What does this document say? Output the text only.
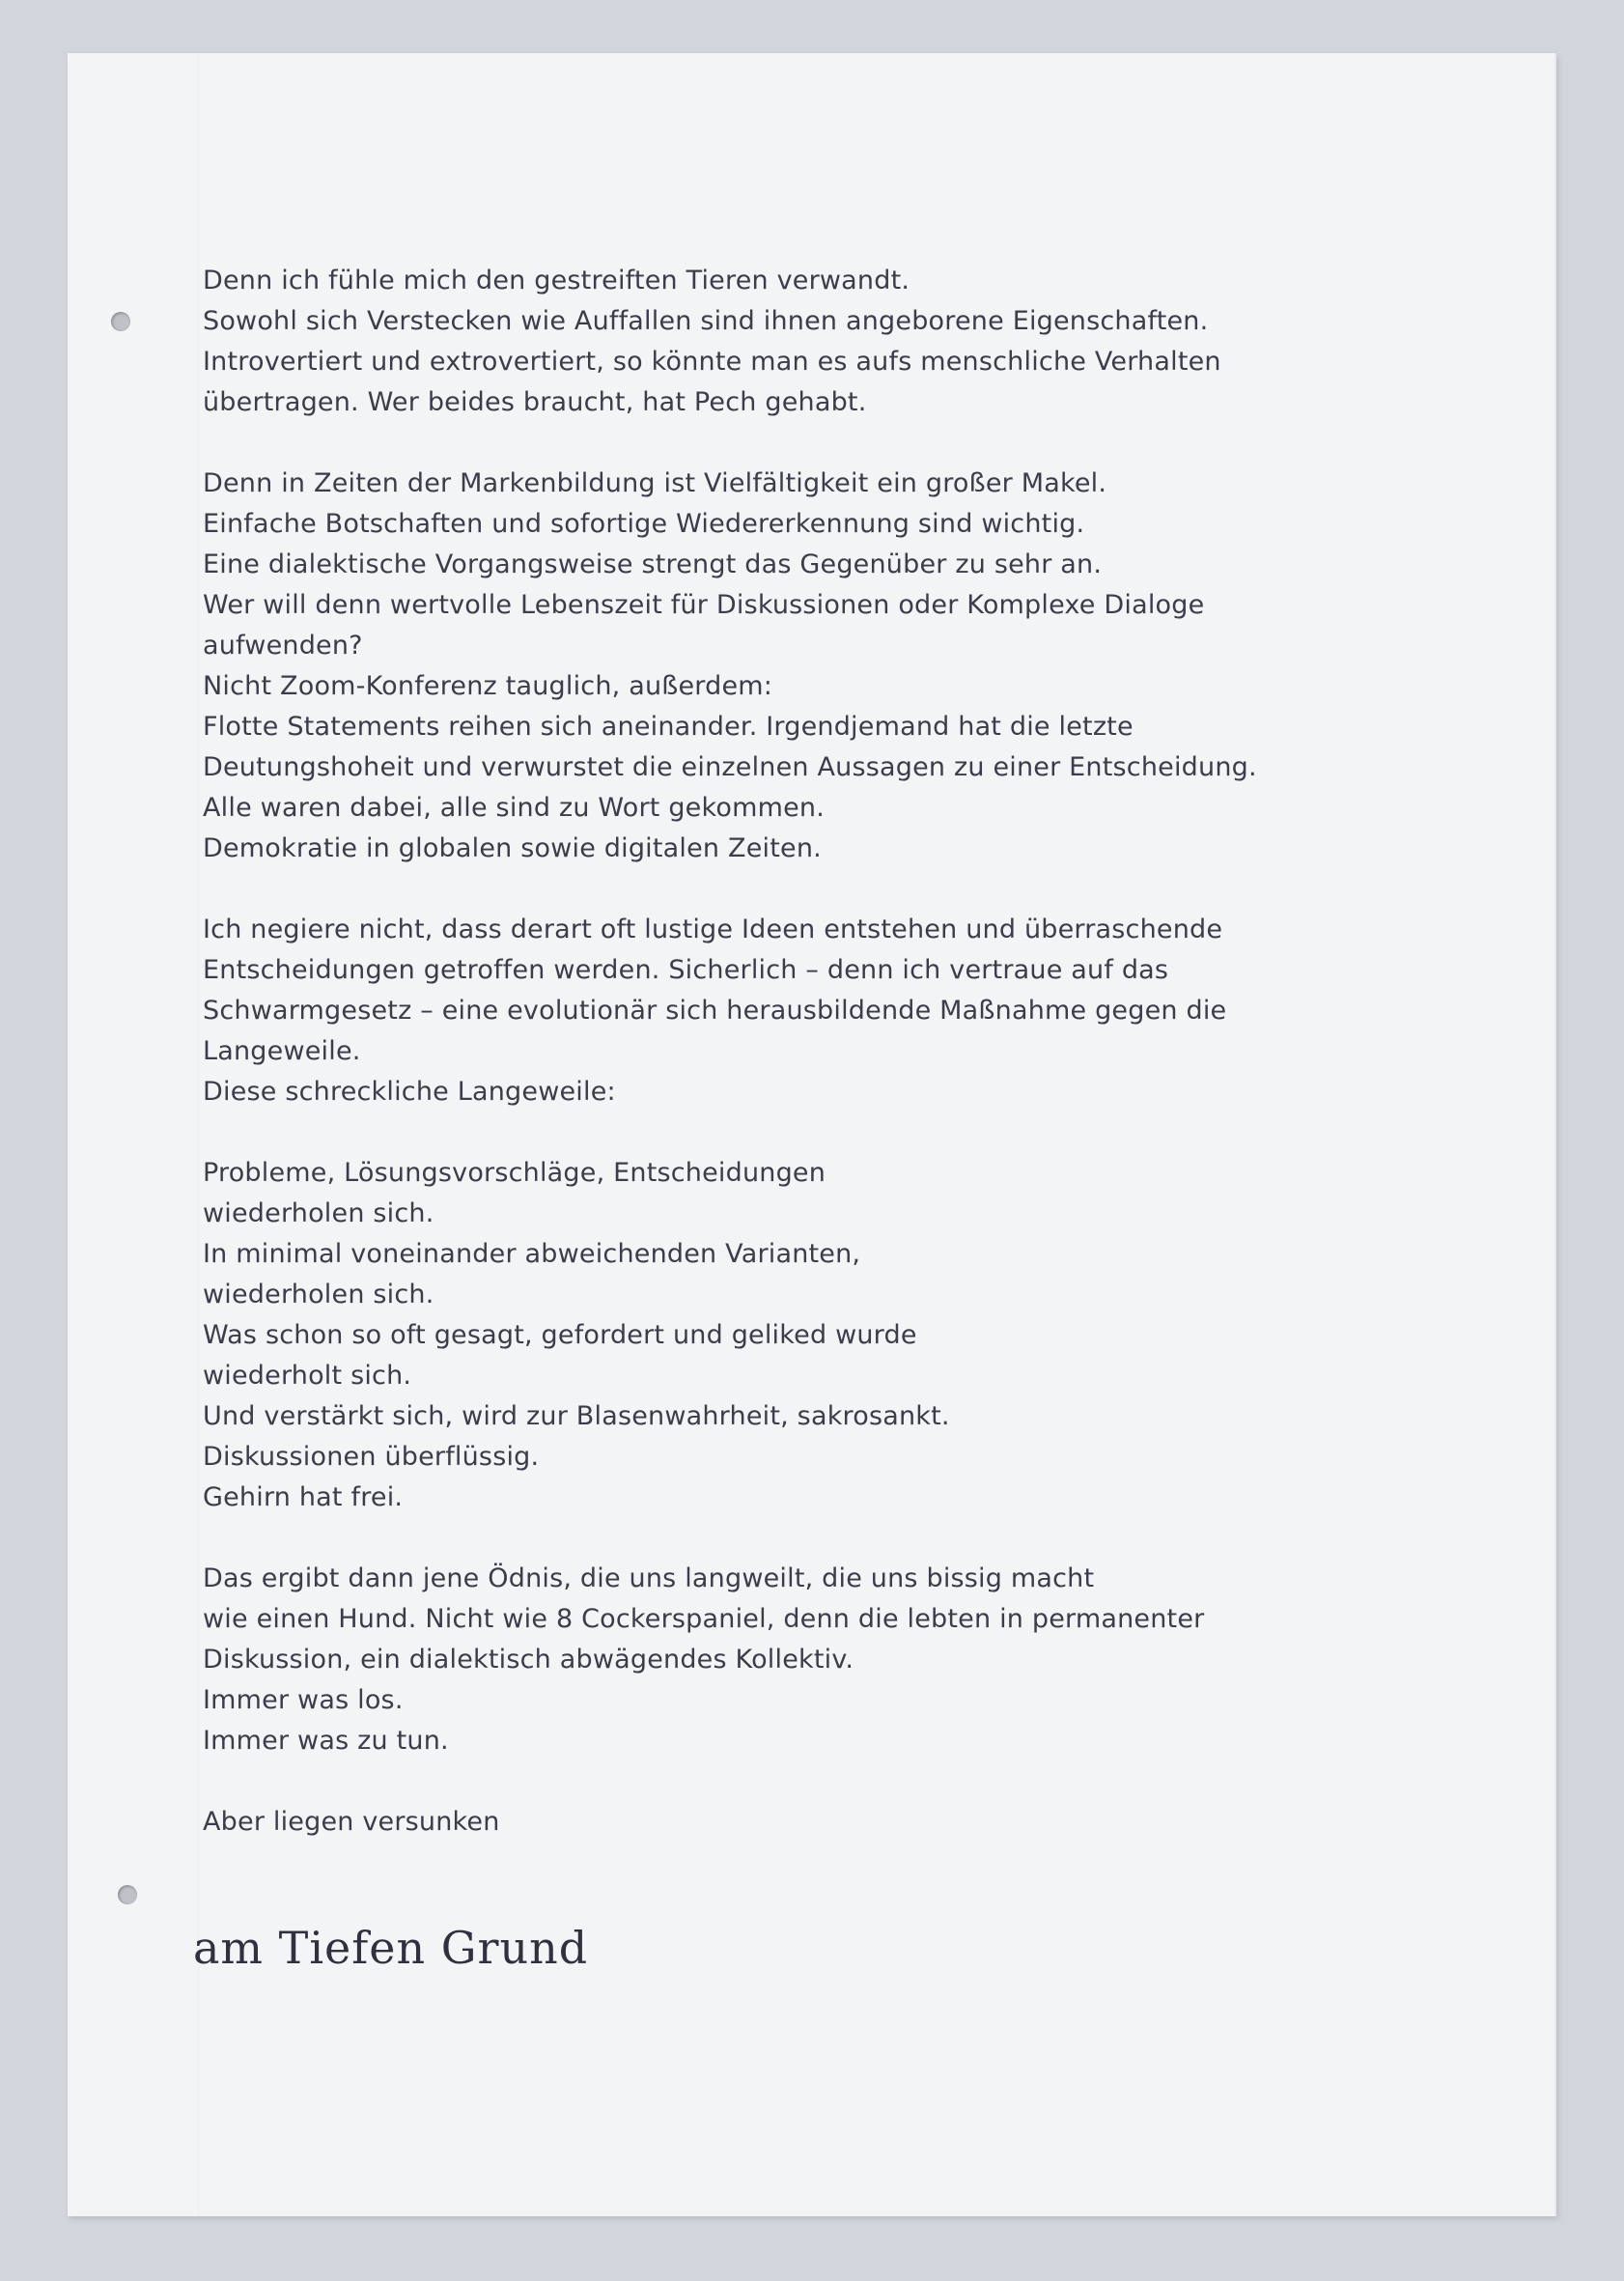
Denn ich fühle mich den gestreiften Tieren verwandt.
Sowohl sich Verstecken wie Auffallen sind ihnen angeborene Eigenschaften.
Introvertiert und extrovertiert, so könnte man es aufs menschliche Verhalten
übertragen. Wer beides braucht, hat Pech gehabt.
Denn in Zeiten der Markenbildung ist Vielfältigkeit ein großer Makel.
Einfache Botschaften und sofortige Wiedererkennung sind wichtig.
Eine dialektische Vorgangsweise strengt das Gegenüber zu sehr an.
Wer will denn wertvolle Lebenszeit für Diskussionen oder Komplexe Dialoge
aufwenden?
Nicht Zoom-Konferenz tauglich, außerdem:
Flotte Statements reihen sich aneinander. Irgendjemand hat die letzte
Deutungshoheit und verwurstet die einzelnen Aussagen zu einer Entscheidung.
Alle waren dabei, alle sind zu Wort gekommen.
Demokratie in globalen sowie digitalen Zeiten.
Ich negiere nicht, dass derart oft lustige Ideen entstehen und überraschende
Entscheidungen getroffen werden. Sicherlich – denn ich vertraue auf das
Schwarmgesetz – eine evolutionär sich herausbildende Maßnahme gegen die
Langeweile.
Diese schreckliche Langeweile:
Probleme, Lösungsvorschläge, Entscheidungen
wiederholen sich.
In minimal voneinander abweichenden Varianten,
wiederholen sich.
Was schon so oft gesagt, gefordert und geliked wurde
wiederholt sich.
Und verstärkt sich, wird zur Blasenwahrheit, sakrosankt.
Diskussionen überflüssig.
Gehirn hat frei.
Das ergibt dann jene Ödnis, die uns langweilt, die uns bissig macht
wie einen Hund. Nicht wie 8 Cockerspaniel, denn die lebten in permanenter
Diskussion, ein dialektisch abwägendes Kollektiv.
Immer was los.
Immer was zu tun.
Aber liegen versunken
am Tiefen Grund
